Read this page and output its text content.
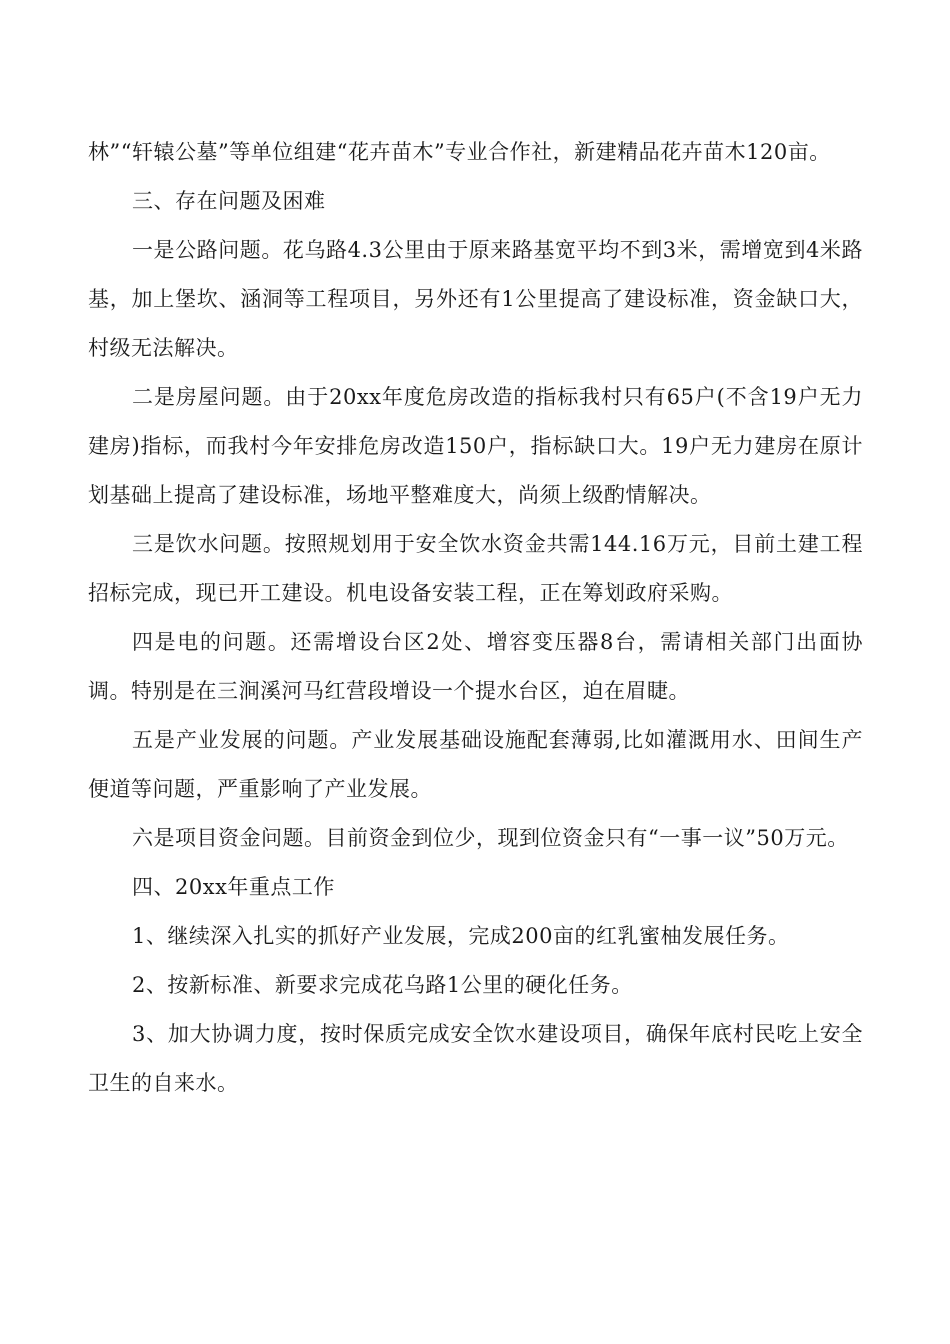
林”“轩辕公墓”等单位组建“花卉苗木”专业合作社，新建精品花卉苗木120亩。

三、存在问题及困难

一是公路问题。花乌路4.3公里由于原来路基宽平均不到3米，需增宽到4米路基，加上堡坎、涵洞等工程项目，另外还有1公里提高了建设标准，资金缺口大，村级无法解决。

二是房屋问题。由于20xx年度危房改造的指标我村只有65户(不含19户无力建房)指标，而我村今年安排危房改造150户，指标缺口大。19户无力建房在原计划基础上提高了建设标准，场地平整难度大，尚须上级酌情解决。

三是饮水问题。按照规划用于安全饮水资金共需144.16万元，目前土建工程招标完成，现已开工建设。机电设备安装工程，正在筹划政府采购。

四是电的问题。还需增设台区2处、增容变压器8台，需请相关部门出面协调。特别是在三涧溪河马红营段增设一个提水台区，迫在眉睫。

五是产业发展的问题。产业发展基础设施配套薄弱,比如灌溉用水、田间生产便道等问题，严重影响了产业发展。

六是项目资金问题。目前资金到位少，现到位资金只有“一事一议”50万元。

四、20xx年重点工作

1、继续深入扎实的抓好产业发展，完成200亩的红乳蜜柚发展任务。

2、按新标准、新要求完成花乌路1公里的硬化任务。

3、加大协调力度，按时保质完成安全饮水建设项目，确保年底村民吃上安全卫生的自来水。
